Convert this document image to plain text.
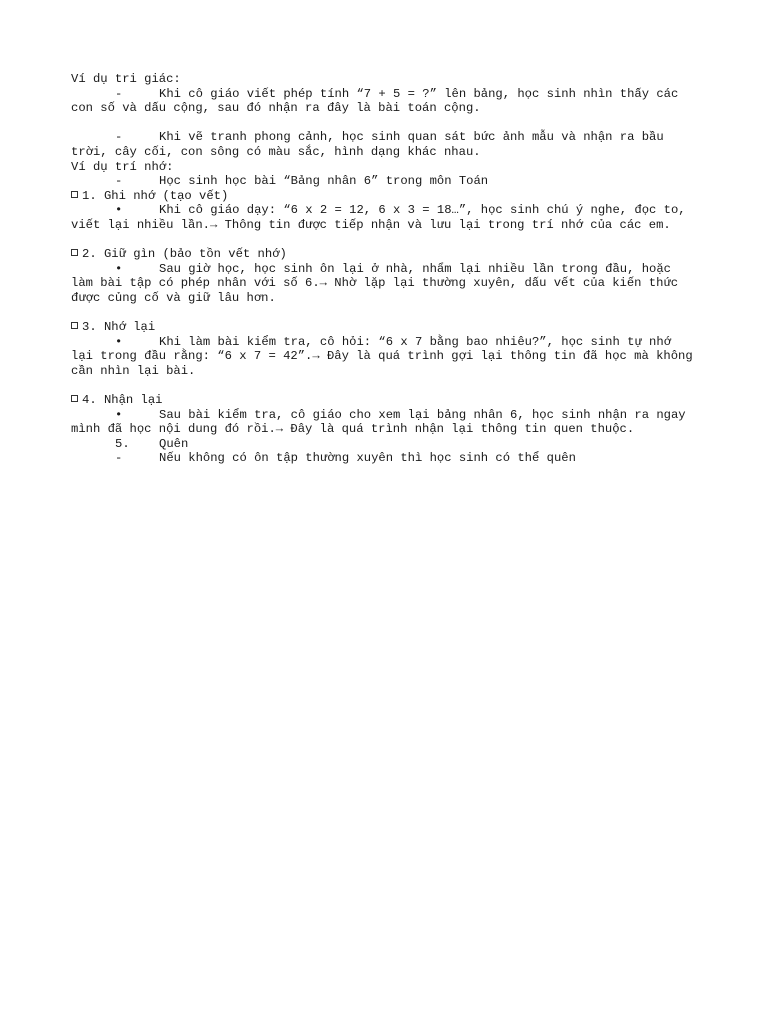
Ví dụ tri giác:
-	Khi cô giáo viết phép tính “7 + 5 = ?” lên bảng, học sinh nhìn thấy các con số và dấu cộng, sau đó nhận ra đây là bài toán cộng.
-	Khi vẽ tranh phong cảnh, học sinh quan sát bức ảnh mẫu và nhận ra bầu trời, cây cối, con sông có màu sắc, hình dạng khác nhau.
Ví dụ trí nhớ:
-	Học sinh học bài “Bảng nhân 6” trong môn Toán
1. Ghi nhớ (tạo vết)
•	Khi cô giáo dạy: “6 x 2 = 12, 6 x 3 = 18…”, học sinh chú ý nghe, đọc to, viết lại nhiều lần.→ Thông tin được tiếp nhận và lưu lại trong trí nhớ của các em.
2. Giữ gìn (bảo tồn vết nhớ)
•	Sau giờ học, học sinh ôn lại ở nhà, nhẩm lại nhiều lần trong đầu, hoặc làm bài tập có phép nhân với số 6.→ Nhờ lặp lại thường xuyên, dấu vết của kiến thức được củng cố và giữ lâu hơn.
3. Nhớ lại
•	Khi làm bài kiểm tra, cô hỏi: “6 x 7 bằng bao nhiêu?”, học sinh tự nhớ lại trong đầu rằng: “6 x 7 = 42”.→ Đây là quá trình gợi lại thông tin đã học mà không cần nhìn lại bài.
4. Nhận lại
•	Sau bài kiểm tra, cô giáo cho xem lại bảng nhân 6, học sinh nhận ra ngay mình đã học nội dung đó rồi.→ Đây là quá trình nhận lại thông tin quen thuộc.
5. Quên
-	Nếu không có ôn tập thường xuyên thì học sinh có thể quên
